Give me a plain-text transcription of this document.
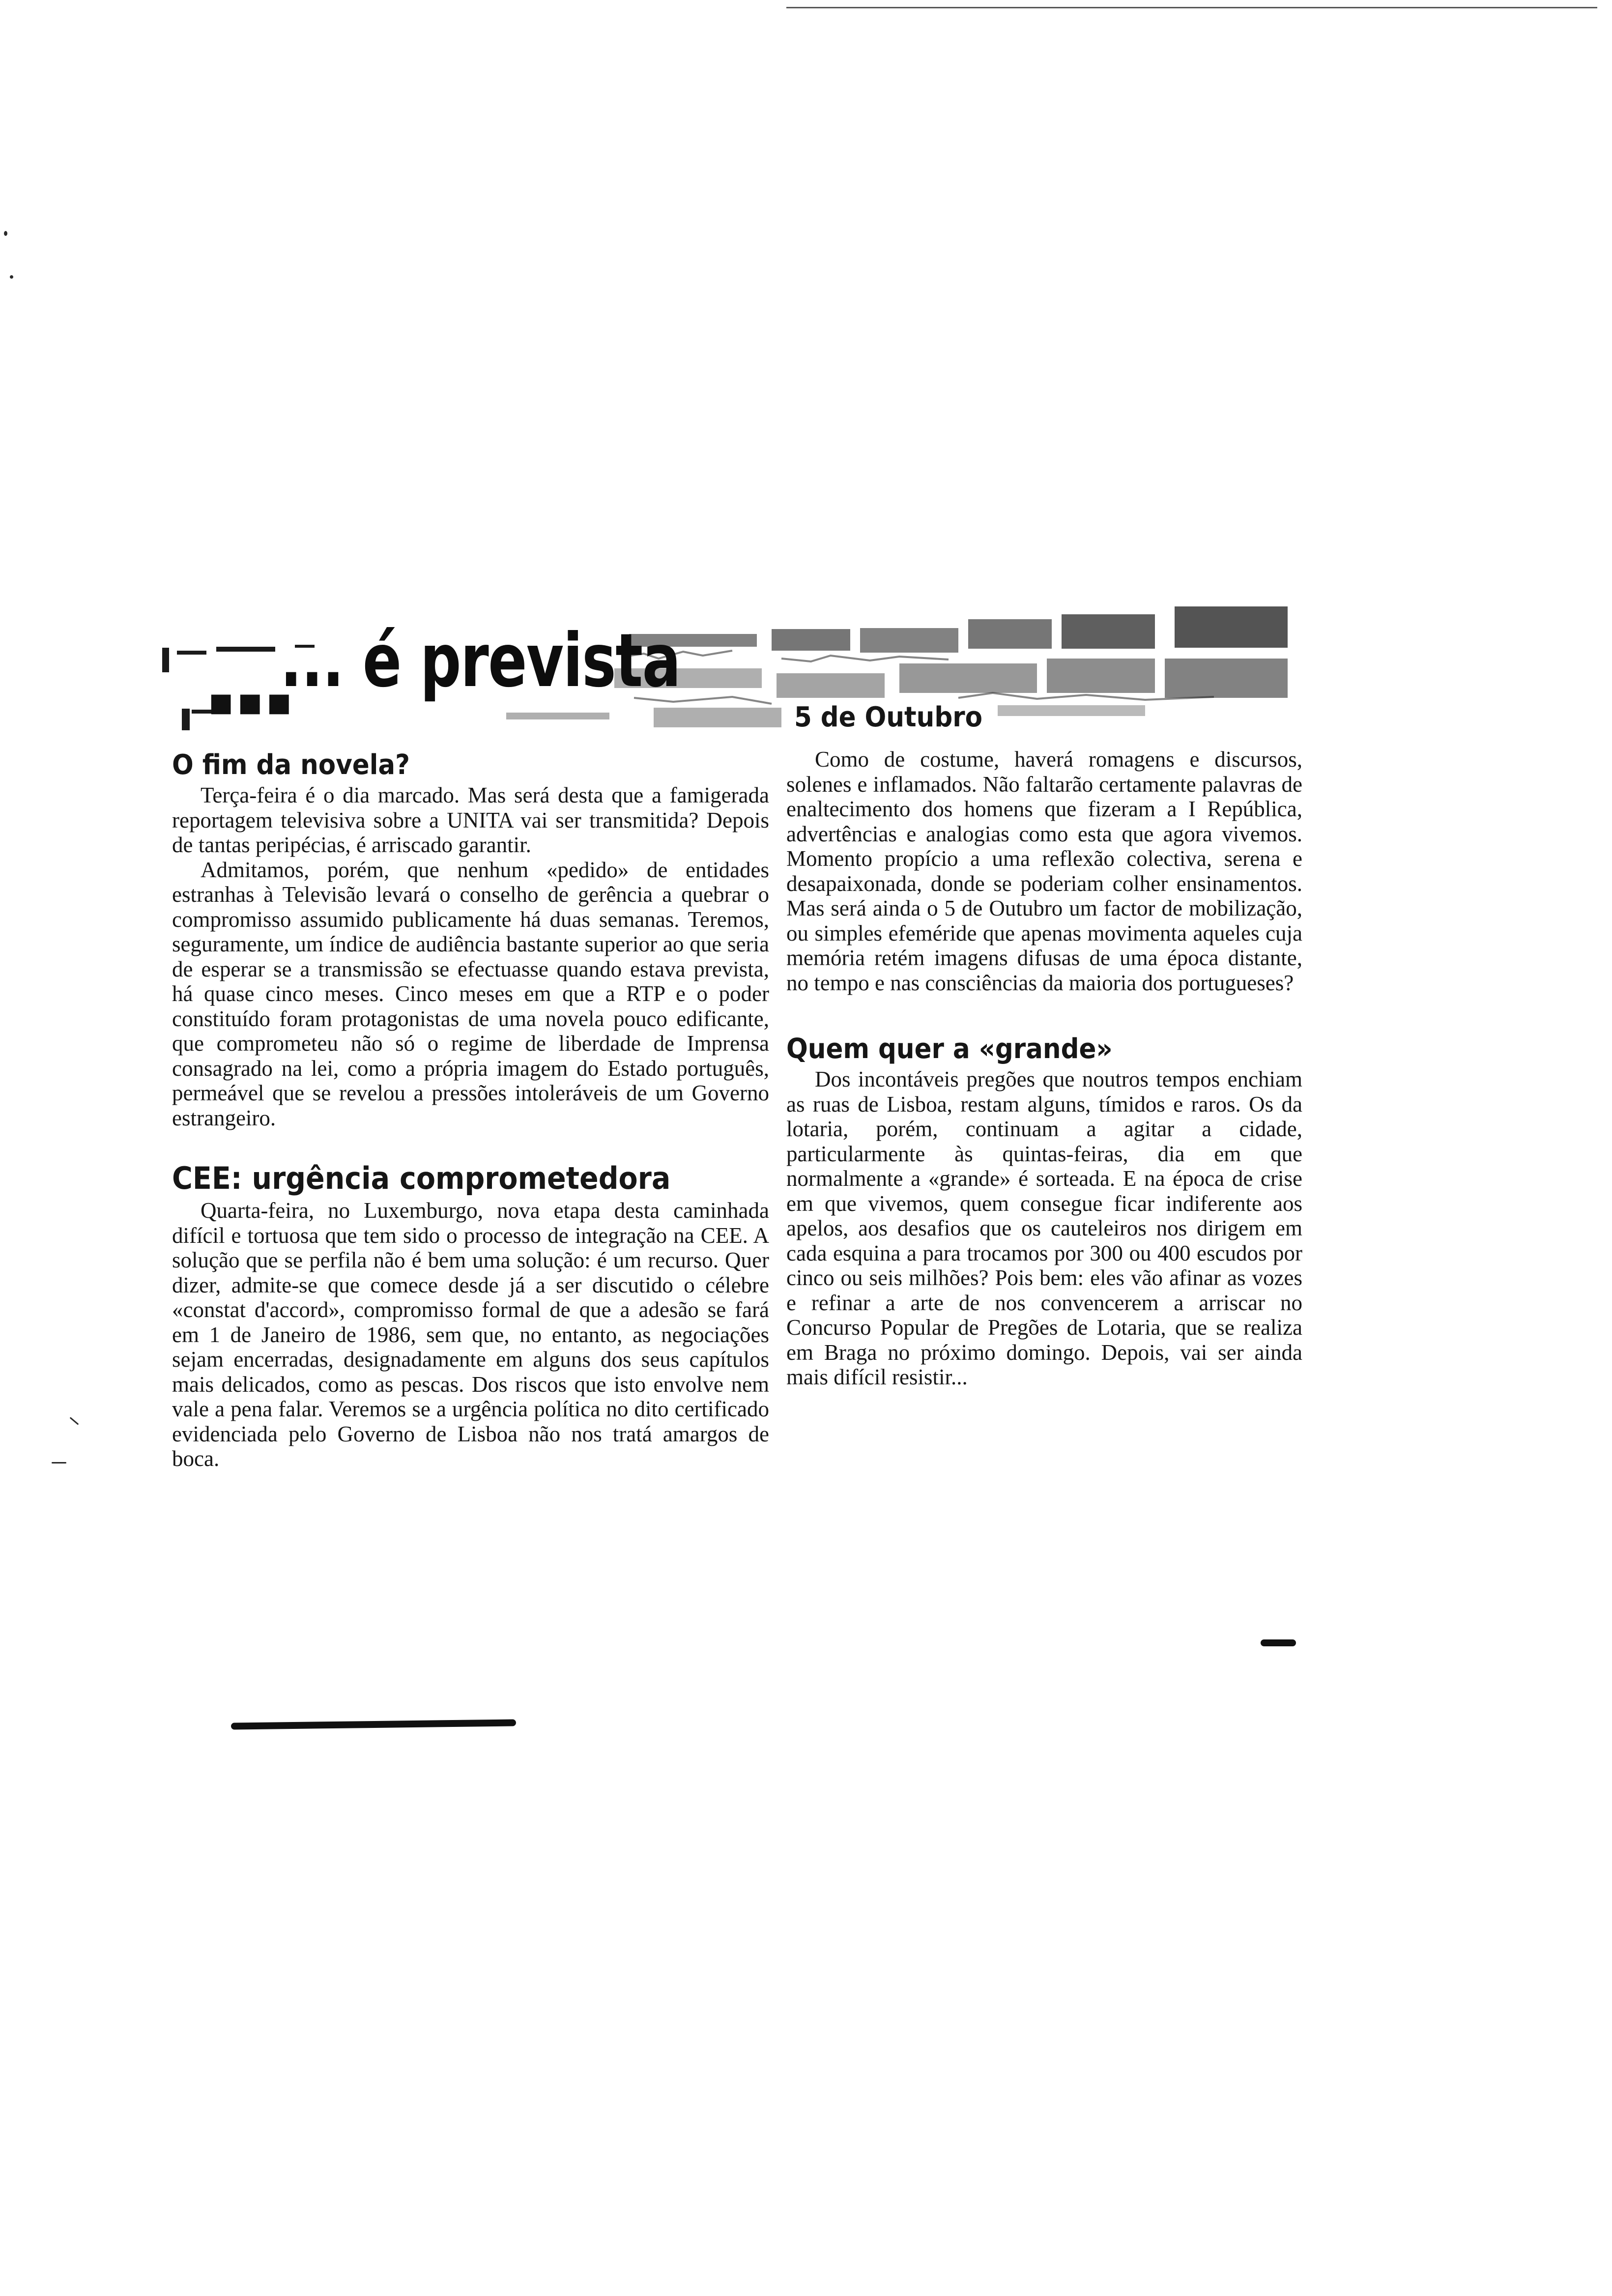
... é prevista
■■■
O fim da novela?

Terça-feira é o dia marcado. Mas será desta que a famigerada reportagem televisiva sobre a UNITA vai ser transmitida? Depois de tantas peripécias, é arriscado garantir.

Admitamos, porém, que nenhum «pedido» de entidades estranhas à Televisão levará o conselho de gerência a quebrar o compromisso assumido publicamente há duas semanas. Teremos, seguramente, um índice de audiência bastante superior ao que seria de esperar se a transmissão se efectuasse quando estava prevista, há quase cinco meses. Cinco meses em que a RTP e o poder constituído foram protagonistas de uma novela pouco edificante, que comprometeu não só o regime de liberdade de Imprensa consagrado na lei, como a própria imagem do Estado português, permeável que se revelou a pressões intoleráveis de um Governo estrangeiro.

CEE: urgência comprometedora

Quarta-feira, no Luxemburgo, nova etapa desta caminhada difícil e tortuosa que tem sido o processo de integração na CEE. A solução que se perfila não é bem uma solução: é um recurso. Quer dizer, admite-se que comece desde já a ser discutido o célebre «constat d'accord», compromisso formal de que a adesão se fará em 1 de Janeiro de 1986, sem que, no entanto, as negociações sejam encerradas, designadamente em alguns dos seus capítulos mais delicados, como as pescas. Dos riscos que isto envolve nem vale a pena falar. Veremos se a urgência política no dito certificado evidenciada pelo Governo de Lisboa não nos tratá amargos de boca.

5 de Outubro

Como de costume, haverá romagens e discursos, solenes e inflamados. Não faltarão certamente palavras de enaltecimento dos homens que fizeram a I República, advertências e analogias como esta que agora vivemos. Momento propício a uma reflexão colectiva, serena e desapaixonada, donde se poderiam colher ensinamentos. Mas será ainda o 5 de Outubro um factor de mobilização, ou simples efeméride que apenas movimenta aqueles cuja memória retém imagens difusas de uma época distante, no tempo e nas consciências da maioria dos portugueses?

Quem quer a «grande»

Dos incontáveis pregões que noutros tempos enchiam as ruas de Lisboa, restam alguns, tímidos e raros. Os da lotaria, porém, continuam a agitar a cidade, particularmente às quintas-feiras, dia em que normalmente a «grande» é sorteada. E na época de crise em que vivemos, quem consegue ficar indiferente aos apelos, aos desafios que os cauteleiros nos dirigem em cada esquina a para trocamos por 300 ou 400 escudos por cinco ou seis milhões? Pois bem: eles vão afinar as vozes e refinar a arte de nos convencerem a arriscar no Concurso Popular de Pregões de Lotaria, que se realiza em Braga no próximo domingo. Depois, vai ser ainda mais difícil resistir...
